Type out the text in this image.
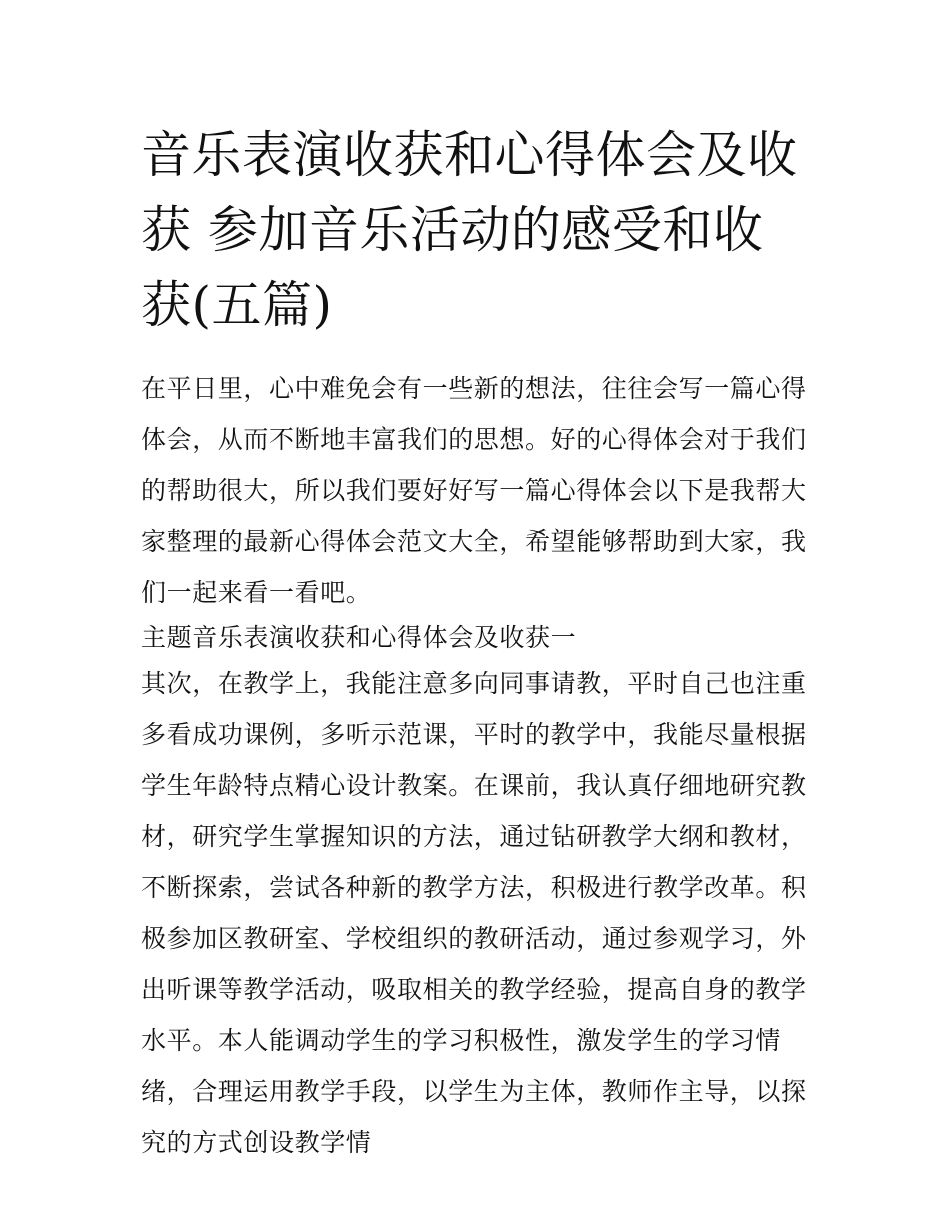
音乐表演收获和心得体会及收获 参加音乐活动的感受和收获(五篇)

在平日里，心中难免会有一些新的想法，往往会写一篇心得体会，从而不断地丰富我们的思想。好的心得体会对于我们的帮助很大，所以我们要好好写一篇心得体会以下是我帮大家整理的最新心得体会范文大全，希望能够帮助到大家，我们一起来看一看吧。

主题音乐表演收获和心得体会及收获一

其次，在教学上，我能注意多向同事请教，平时自己也注重多看成功课例，多听示范课，平时的教学中，我能尽量根据学生年龄特点精心设计教案。在课前，我认真仔细地研究教材，研究学生掌握知识的方法，通过钻研教学大纲和教材，不断探索，尝试各种新的教学方法，积极进行教学改革。积极参加区教研室、学校组织的教研活动，通过参观学习，外出听课等教学活动，吸取相关的教学经验，提高自身的教学水平。本人能调动学生的学习积极性，激发学生的学习情绪，合理运用教学手段，以学生为主体，教师作主导，以探究的方式创设教学情
